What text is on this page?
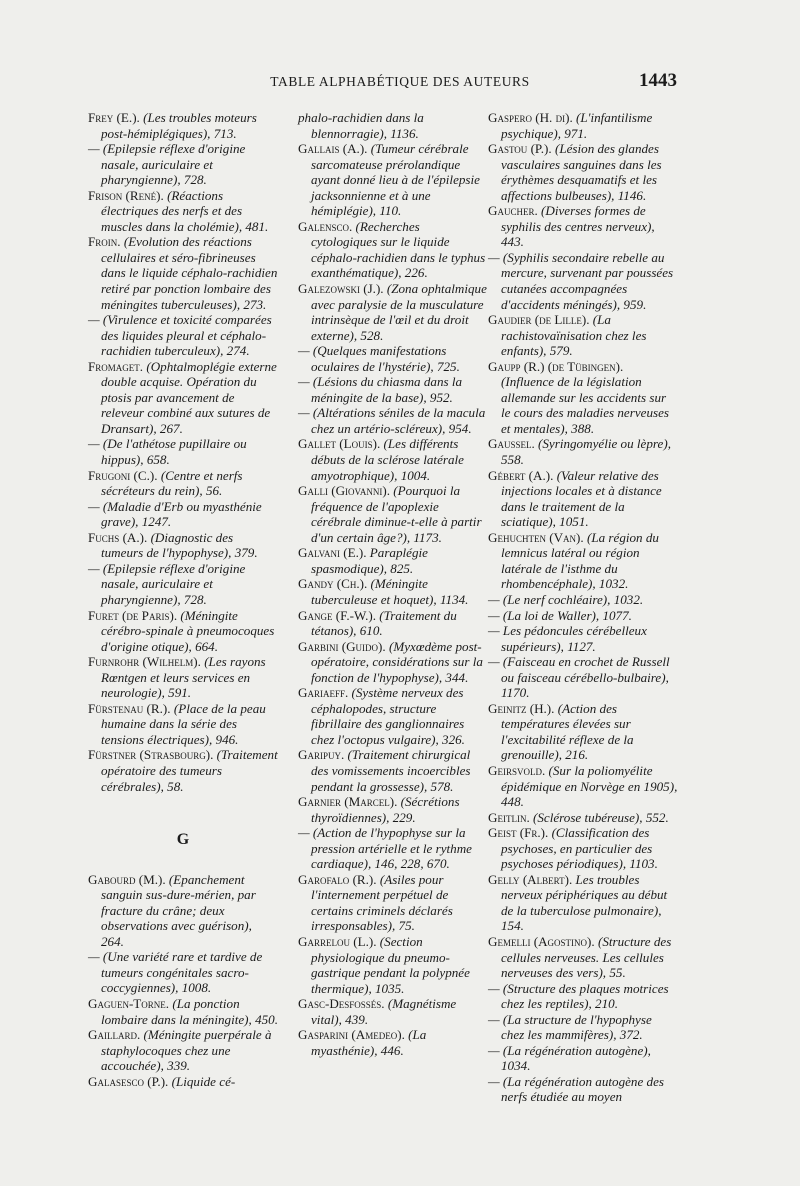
TABLE ALPHABÉTIQUE DES AUTEURS	1443

Frey (E.). (Les troubles moteurs post-hémiplégiques), 713.

— (Epilepsie réflexe d'origine nasale, auriculaire et pharyngienne), 728.

Frison (René). (Réactions électriques des nerfs et des muscles dans la cholémie), 481.

Froin. (Evolution des réactions cellulaires et séro-fibrineuses dans le liquide céphalo-rachidien retiré par ponction lombaire des méningites tuberculeuses), 273.

— (Virulence et toxicité comparées des liquides pleural et céphalo-rachidien tuberculeux), 274.

Fromaget. (Ophtalmoplégie externe double acquise. Opération du ptosis par avancement de releveur combiné aux sutures de Dransart), 267.

— (De l'athétose pupillaire ou hippus), 658.

Frugoni (C.). (Centre et nerfs sécréteurs du rein), 56.

— (Maladie d'Erb ou myasthénie grave), 1247.

Fuchs (A.). (Diagnostic des tumeurs de l'hypophyse), 379.

— (Epilepsie réflexe d'origine nasale, auriculaire et pharyngienne), 728.

Furet (de Paris). (Méningite cérébro-spinale à pneumocoques d'origine otique), 664.

Furnrohr (Wilhelm). (Les rayons Rœntgen et leurs services en neurologie), 591.

Fürstenau (R.). (Place de la peau humaine dans la série des tensions électriques), 946.

Fürstner (Strasbourg). (Traitement opératoire des tumeurs cérébrales), 58.

G

Gabourd (M.). (Epanchement sanguin sus-dure-mérien, par fracture du crâne; deux observations avec guérison), 264.

— (Une variété rare et tardive de tumeurs congénitales sacro-coccygiennes), 1008.

Gaguen-Torne. (La ponction lombaire dans la méningite), 450.

Gaillard. (Méningite puerpérale à staphylocoques chez une accouchée), 339.

Galasesco (P.). (Liquide cé-

phalo-rachidien dans la blennorragie), 1136.

Gallais (A.). (Tumeur cérébrale sarcomateuse prérolandique ayant donné lieu à de l'épilepsie jacksonnienne et à une hémiplégie), 110.

Galensco. (Recherches cytologiques sur le liquide céphalo-rachidien dans le typhus exanthématique), 226.

Galezowski (J.). (Zona ophtalmique avec paralysie de la musculature intrinsèque de l'œil et du droit externe), 528.

— (Quelques manifestations oculaires de l'hystérie), 725.

— (Lésions du chiasma dans la méningite de la base), 952.

— (Altérations séniles de la macula chez un artério-scléreux), 954.

Gallet (Louis). (Les différents débuts de la sclérose latérale amyotrophique), 1004.

Galli (Giovanni). (Pourquoi la fréquence de l'apoplexie cérébrale diminue-t-elle à partir d'un certain âge?), 1173.

Galvani (E.). Paraplégie spasmodique), 825.

Gandy (Ch.). (Méningite tuberculeuse et hoquet), 1134.

Gange (F.-W.). (Traitement du tétanos), 610.

Garbini (Guido). (Myxœdème post-opératoire, considérations sur la fonction de l'hypophyse), 344.

Gariaeff. (Système nerveux des céphalopodes, structure fibrillaire des ganglionnaires chez l'octopus vulgaire), 326.

Garipuy. (Traitement chirurgical des vomissements incoercibles pendant la grossesse), 578.

Garnier (Marcel). (Sécrétions thyroïdiennes), 229.

— (Action de l'hypophyse sur la pression artérielle et le rythme cardiaque), 146, 228, 670.

Garofalo (R.). (Asiles pour l'internement perpétuel de certains criminels déclarés irresponsables), 75.

Garrelou (L.). (Section physiologique du pneumo-gastrique pendant la polypnée thermique), 1035.

Gasc-Desfossés. (Magnétisme vital), 439.

Gasparini (Amedeo). (La myasthénie), 446.

Gaspero (H. di). (L'infantilisme psychique), 971.

Gastou (P.). (Lésion des glandes vasculaires sanguines dans les érythèmes desquamatifs et les affections bulbeuses), 1146.

Gaucher. (Diverses formes de syphilis des centres nerveux), 443.

— (Syphilis secondaire rebelle au mercure, survenant par poussées cutanées accompagnées d'accidents méningés), 959.

Gaudier (de Lille). (La rachistovaïnisation chez les enfants), 579.

Gaupp (R.) (de Tübingen). (Influence de la législation allemande sur les accidents sur le cours des maladies nerveuses et mentales), 388.

Gaussel. (Syringomyélie ou lèpre), 558.

Gébert (A.). (Valeur relative des injections locales et à distance dans le traitement de la sciatique), 1051.

Gehuchten (Van). (La région du lemnicus latéral ou région latérale de l'isthme du rhombencéphale), 1032.

— (Le nerf cochléaire), 1032.

— (La loi de Waller), 1077.

— Les pédoncules cérébelleux supérieurs), 1127.

— (Faisceau en crochet de Russell ou faisceau cérébello-bulbaire), 1170.

Geinitz (H.). (Action des températures élevées sur l'excitabilité réflexe de la grenouille), 216.

Geirsvold. (Sur la poliomyélite épidémique en Norvège en 1905), 448.

Geitlin. (Sclérose tubéreuse), 552.

Geist (Fr.). (Classification des psychoses, en particulier des psychoses périodiques), 1103.

Gelly (Albert). Les troubles nerveux périphériques au début de la tuberculose pulmonaire), 154.

Gemelli (Agostino). (Structure des cellules nerveuses. Les cellules nerveuses des vers), 55.

— (Structure des plaques motrices chez les reptiles), 210.

— (La structure de l'hypophyse chez les mammifères), 372.

— (La régénération autogène), 1034.

— (La régénération autogène des nerfs étudiée au moyen
